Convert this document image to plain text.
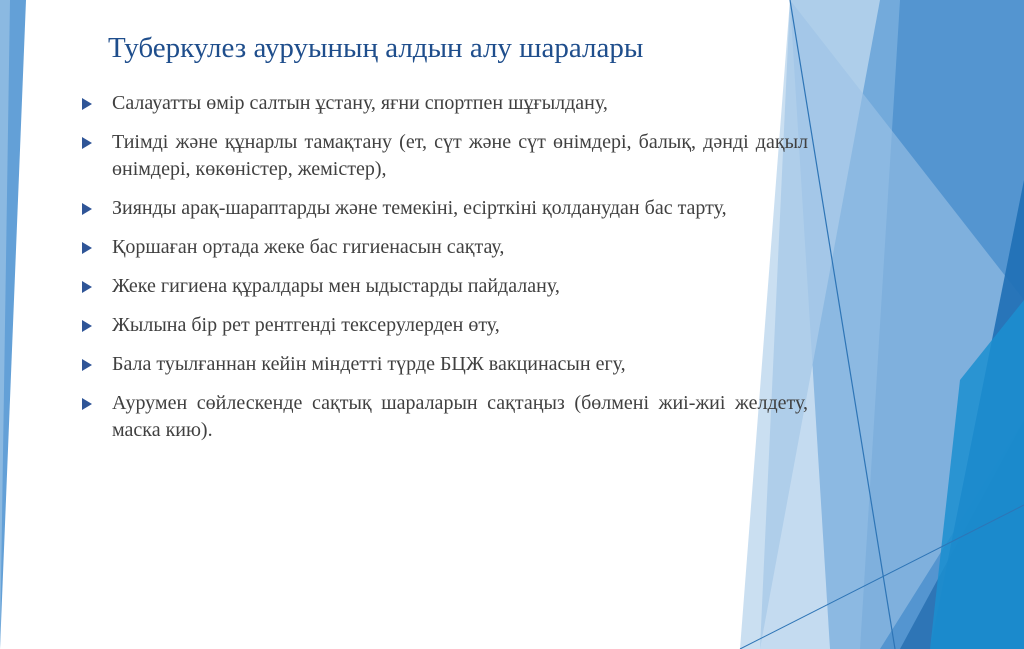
Туберкулез ауруының алдын алу шаралары
Салауатты өмір салтын ұстану, яғни спортпен шұғылдану,
Тиімді және құнарлы тамақтану (ет, сүт және сүт өнімдері, балық, дәнді дақыл өнімдері, көкөністер, жемістер),
Зиянды арақ-шараптарды және темекіні, есірткіні қолданудан бас тарту,
Қоршаған ортада жеке бас гигиенасын сақтау,
Жеке гигиена құралдары мен ыдыстарды пайдалану,
Жылына бір рет рентгенді тексерулерден өту,
Бала туылғаннан кейін міндетті түрде БЦЖ вакцинасын егу,
Аурумен сөйлескенде сақтық шараларын сақтаңыз (бөлмені жиі-жиі желдету, маска кию).
